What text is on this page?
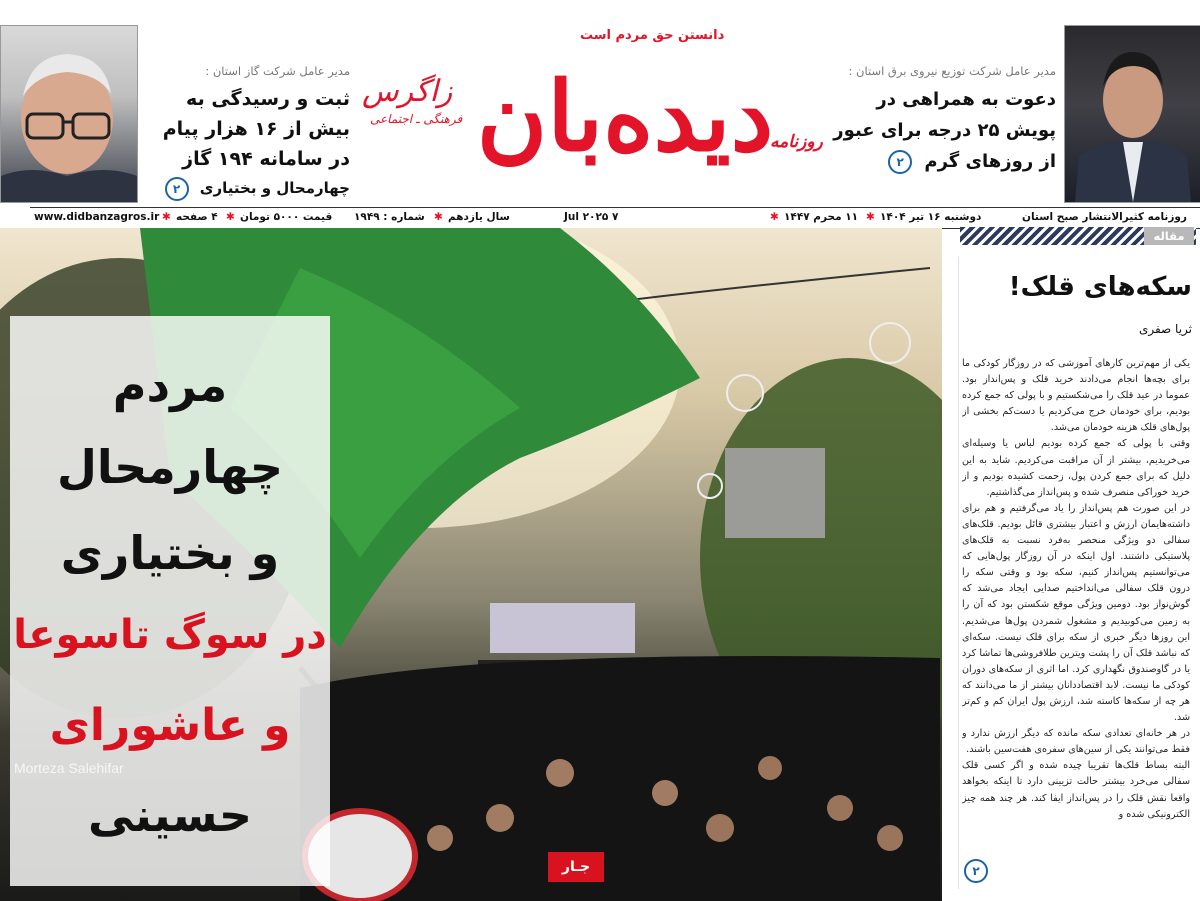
مدیر عامل شرکت گاز استان :
ثبت و رسیدگی به بیش از ۱۶ هزار پیام در سامانه ۱۹۴ گاز
چهارمحال و بختیاری ۲
دانستن حق مردم است
زاگرس
فرهنگی ـ اجتماعی دیده‌بان
روزنامه
مدیر عامل شرکت توزیع نیروی برق استان :
دعوت به همراهی در پویش ۲۵ درجه برای عبور از روزهای گرم ۲
www.didbanzagros.ir ✱ ۴ صفحه ✱ قیمت ۵۰۰۰ تومان شماره : ۱۹۴۹ ✱ سال یازدهم	۷ Jul ۲۰۲۵	✱ ۱۱ محرم ۱۴۴۷ ✱ دوشنبه ۱۶ تیر ۱۴۰۴	روزنامه کثیرالانتشار صبح استان
مردم
چهارمحال
و بختیاری
در سوگ تاسوعا
و عاشورای
حسینی
جـار
مقاله
سکه‌های قلک!
ثریا صفری

یکی از مهم‌ترین کارهای آموزشی که در روزگار کودکی ما برای بچه‌ها انجام می‌دادند خرید قلک و پس‌انداز بود. عموما در عید قلک را می‌شکستیم و با پولی که جمع کرده بودیم، برای خودمان خرج می‌کردیم یا دست‌کم بخشی از پول‌های قلک هزینه خودمان می‌شد.

وقتی با پولی که جمع کرده بودیم لباس یا وسیله‌ای می‌خریدیم، بیشتر از آن مراقبت می‌کردیم. شاید به این دلیل که برای جمع کردن پول، زحمت کشیده بودیم و از خرید خوراکی منصرف شده و پس‌انداز می‌گذاشتیم.

در این صورت هم پس‌انداز را یاد می‌گرفتیم و هم برای داشته‌هایمان ارزش و اعتبار بیشتری قائل بودیم. قلک‌های سفالی دو ویژگی منحصر به‌فرد نسبت به قلک‌های پلاستیکی داشتند. اول اینکه در آن روزگار پول‌هایی که می‌توانستیم پس‌انداز کنیم، سکه بود و وقتی سکه را درون قلک سفالی می‌انداختیم صدایی ایجاد می‌شد که گوش‌نواز بود. دومین ویژگی موقع شکستن بود که آن را به زمین می‌کوبیدیم و مشغول شمردن پول‌ها می‌شدیم. این روزها دیگر خبری از سکه برای قلک نیست. سکه‌ای که نباشد قلک آن را پشت ویترین طلافروشی‌ها تماشا کرد یا در گاوصندوق نگهداری کرد. اما اثری از سکه‌های دوران کودکی ما نیست. لابد اقتصاددانان بیشتر از ما می‌دانند که هر چه از سکه‌ها کاسته شد، ارزش پول ایران کم و کم‌تر شد.

در هر خانه‌ای تعدادی سکه مانده که دیگر ارزش ندارد و فقط می‌توانند یکی از سین‌های سفره‌ی هفت‌سین باشند.

البته بساط قلک‌ها تقریبا چیده شده و اگر کسی قلک سفالی می‌خرد بیشتر حالت تزیینی دارد تا اینکه بخواهد واقعا نقش قلک را در پس‌انداز ایفا کند. هر چند همه چیز الکترونیکی شده و

۲
